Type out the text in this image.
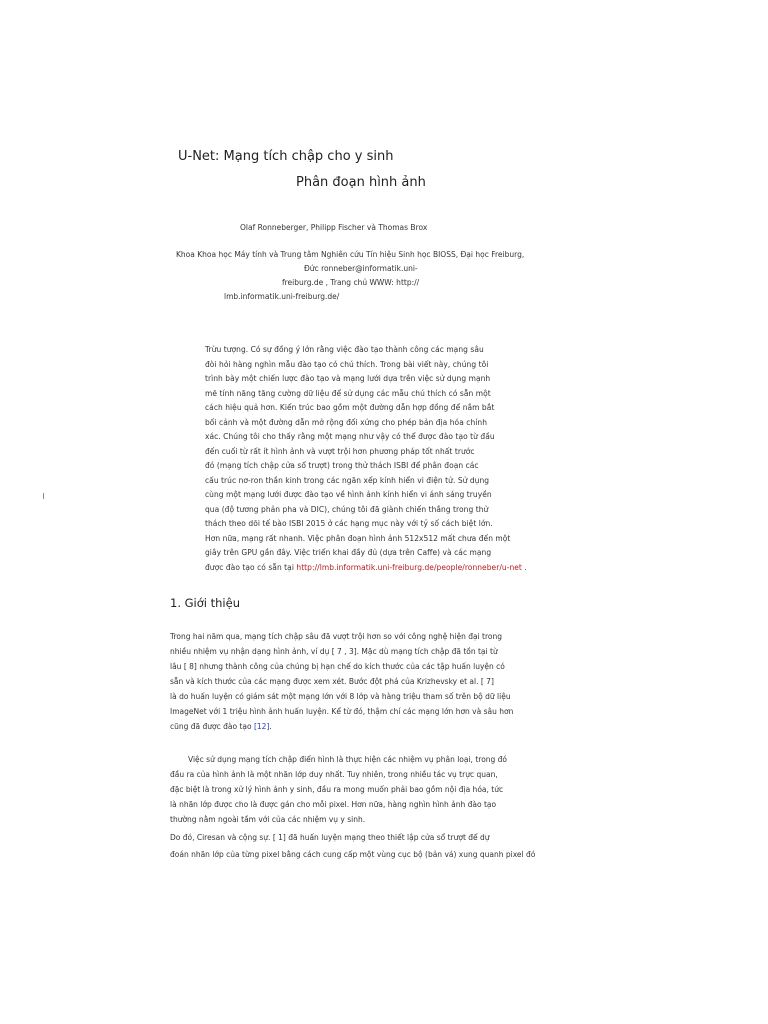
U-Net: Mạng tích chập cho y sinh
Phân đoạn hình ảnh
Olaf Ronneberger, Philipp Fischer và Thomas Brox
Khoa Khoa học Máy tính và Trung tâm Nghiên cứu Tín hiệu Sinh học BIOSS, Đại học Freiburg,
Đức ronneber@informatik.uni-
freiburg.de , Trang chủ WWW: http://
lmb.informatik.uni-freiburg.de/
Trừu tượng. Có sự đồng ý lớn rằng việc đào tạo thành công các mạng sâu
đòi hỏi hàng nghìn mẫu đào tạo có chú thích. Trong bài viết này, chúng tôi
trình bày một chiến lược đào tạo và mạng lưới dựa trên việc sử dụng mạnh
mẽ tính năng tăng cường dữ liệu để sử dụng các mẫu chú thích có sẵn một
cách hiệu quả hơn. Kiến trúc bao gồm một đường dẫn hợp đồng để nắm bắt
bối cảnh và một đường dẫn mở rộng đối xứng cho phép bản địa hóa chính
xác. Chúng tôi cho thấy rằng một mạng như vậy có thể được đào tạo từ đầu
đến cuối từ rất ít hình ảnh và vượt trội hơn phương pháp tốt nhất trước
đó (mạng tích chập cửa sổ trượt) trong thử thách ISBI để phân đoạn các
cấu trúc nơ-ron thần kinh trong các ngăn xếp kính hiển vi điện tử. Sử dụng
cùng một mạng lưới được đào tạo về hình ảnh kính hiển vi ánh sáng truyền
qua (độ tương phản pha và DIC), chúng tôi đã giành chiến thắng trong thử
thách theo dõi tế bào ISBI 2015 ở các hạng mục này với tỷ số cách biệt lớn.
Hơn nữa, mạng rất nhanh. Việc phân đoạn hình ảnh 512x512 mất chưa đến một
giây trên GPU gần đây. Việc triển khai đầy đủ (dựa trên Caffe) và các mạng
được đào tạo có sẵn tại http://lmb.informatik.uni-freiburg.de/people/ronneber/u-net .
1. Giới thiệu
Trong hai năm qua, mạng tích chập sâu đã vượt trội hơn so với công nghệ hiện đại trong
nhiều nhiệm vụ nhận dạng hình ảnh, ví dụ [ 7 , 3]. Mặc dù mạng tích chập đã tồn tại từ
lâu [ 8] nhưng thành công của chúng bị hạn chế do kích thước của các tập huấn luyện có
sẵn và kích thước của các mạng được xem xét. Bước đột phá của Krizhevsky et al. [ 7]
là do huấn luyện có giám sát một mạng lớn với 8 lớp và hàng triệu tham số trên bộ dữ liệu
ImageNet với 1 triệu hình ảnh huấn luyện. Kể từ đó, thậm chí các mạng lớn hơn và sâu hơn
cũng đã được đào tạo [12].
Việc sử dụng mạng tích chập điển hình là thực hiện các nhiệm vụ phân loại, trong đó
đầu ra của hình ảnh là một nhãn lớp duy nhất. Tuy nhiên, trong nhiều tác vụ trực quan,
đặc biệt là trong xử lý hình ảnh y sinh, đầu ra mong muốn phải bao gồm nội địa hóa, tức
là nhãn lớp được cho là được gán cho mỗi pixel. Hơn nữa, hàng nghìn hình ảnh đào tạo
thường nằm ngoài tầm với của các nhiệm vụ y sinh.
Do đó, Ciresan và cộng sự. [ 1] đã huấn luyện mạng theo thiết lập cửa sổ trượt để dự
đoán nhãn lớp của từng pixel bằng cách cung cấp một vùng cục bộ (bản vá) xung quanh pixel đó
